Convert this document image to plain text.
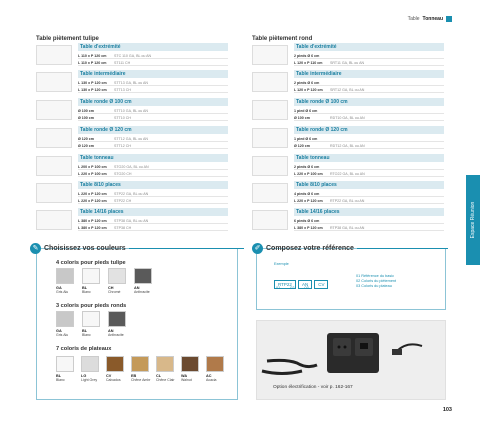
Table Tonneau
Table piètement tulipe	Table piètement rond
Table d'extrémité
L 110 x P 120 cm STC 110 GA, BL ou AN
L 110 x P 120 cm ST111 CH
Table intermédiaire
L 130 x P 120 cm STT13 GA, BL ou AN
L 130 x P 120 cm STT13 CH
Table ronde Ø 100 cm
Ø 100 cm	STT10 GA, BL ou AN
Ø 100 cm	STT10 CH
Table ronde Ø 120 cm
Ø 120 cm	STT12 GA, BL ou AN
Ø 120 cm	STT12 CH
Table tonneau
L 200 x P 100 cm STO20 GA, BL ou AN
L 220 x P 100 cm STO20 CH
Table 8/10 places
L 220 x P 120 cm STP22 GA, BL ou AN
L 220 x P 120 cm STP22 CH
Table 14/16 places
L 380 x P 120 cm STP38 GA, BL ou AN
L 380 x P 120 cm STP38 CH
Table d'extrémité
2 pieds Ø 6 cm
L 120 x P 110 cm SRT11 GA, BL ou AN
Table intermédiaire
2 pieds Ø 6 cm
L 120 x P 120 cm SRT12 GA, BL ou AN
Table ronde Ø 100 cm
1 pied Ø 6 cm
Ø 100 cm	RDT10 GA, BL ou AN
Table ronde Ø 120 cm
1 pied Ø 6 cm
Ø 120 cm	RDT12 GA, BL ou AN
Table tonneau
2 pieds Ø 6 cm
L 220 x P 100 cm RTO22 GA, BL ou AN
Table 8/10 places
4 pieds Ø 6 cm
L 220 x P 120 cm RTP22 GA, BL ou AN
Table 14/16 places
6 pieds Ø 6 cm
L 380 x P 120 cm RTP38 GA, BL ou AN
✎ Choisissez vos couleurs
4 coloris pour pieds tulipe
GA
Gris Alu
BL
Blanc
CH
Chromé
AN
Anthracite
3 coloris pour pieds ronds
GA
Gris Alu
BL
Blanc
AN
Anthracite
7 coloris de plateaux
BL
Blanc
LG
Light Grey
CV
Calvados
EB
Chêne Ambr
CL
Chêne Clair
WA
Walnut
AC
Acacia
✐ Composez votre référence
Exemple
RTP22 AN CV
01	02	03
01 Référence du basic
02 Coloris du piètement
03 Coloris du plateau
Option électrification - voir p. 162-167
Espace Réunion
103
